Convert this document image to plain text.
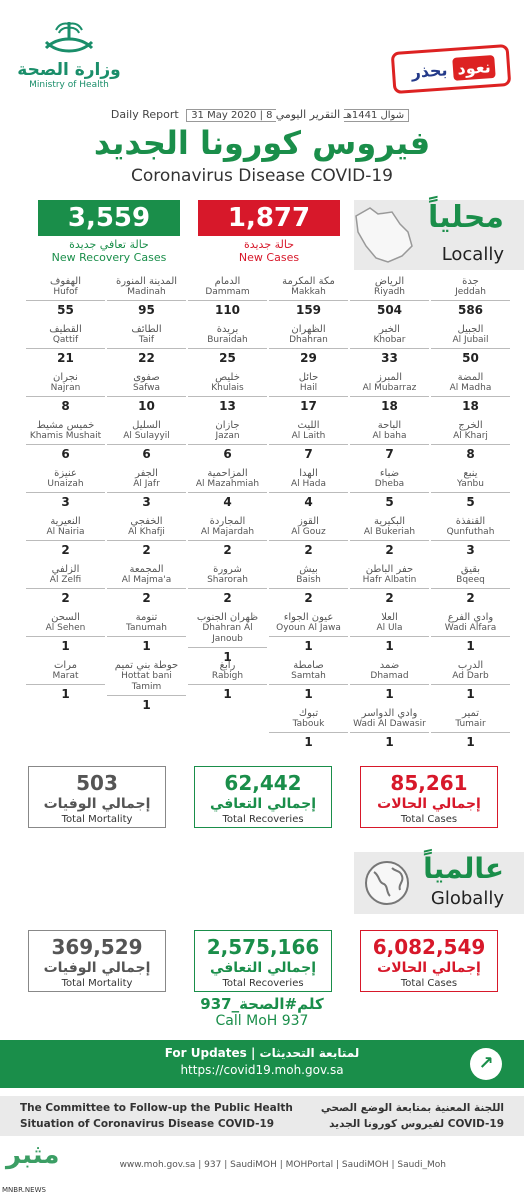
وزارة الصحة
Ministry of Health
بحذر نعود
Daily Report 31 May 2020 | 8 شوال 1441هـ التقرير اليومي
فيروس كورونا الجديد
Coronavirus Disease COVID-19
3,559
حالة تعافي جديدة
New Recovery Cases
1,877
حالة جديدة
New Cases
محلياً
Locally
جدة
Jeddah
586
الرياض
Riyadh
504
مكة المكرمة
Makkah
159
الدمام
Dammam
110
المدينة المنورة
Madinah
95
الهفوف
Hufof
55
الجبيل
Al Jubail
50
الخبر
Khobar
33
الظهران
Dhahran
29
بريدة
Buraidah
25
الطائف
Taif
22
القطيف
Qattif
21
المضة
Al Madha
18
المبرز
Al Mubarraz
18
حائل
Hail
17
خليص
Khulais
13
صفوى
Safwa
10
نجران
Najran
8
الخرج
Al Kharj
8
الباحة
Al baha
7
الليث
Al Laith
7
جازان
Jazan
6
السليل
Al Sulayyil
6
خميس مشيط
Khamis Mushait
6
ينبع
Yanbu
5
ضباء
Dheba
5
الهدا
Al Hada
4
المزاحمية
Al Mazahmiah
4
الجفر
Al Jafr
3
عنيزة
Unaizah
3
القنفذة
Qunfuthah
3
البكيرية
Al Bukeriah
2
القوز
Al Gouz
2
المجاردة
Al Majardah
2
الخفجي
Al Khafji
2
النعيرية
Al Nairia
2
بقيق
Bqeeq
2
حفر الباطن
Hafr Albatin
2
بيش
Baish
2
شرورة
Sharorah
2
المجمعة
Al Majma'a
2
الزلفي
Al Zelfi
2
وادي الفرع
Wadi Alfara
1
العلا
Al Ula
1
عيون الجواء
Oyoun Al Jawa
1
ظهران الجنوب
Dhahran Al Janoub
1
تنومة
Tanumah
1
السحن
Al Sehen
1
الدرب
Ad Darb
1
ضمد
Dhamad
1
صامطة
Samtah
1
رابغ
Rabigh
1
حوطة بني تميم
Hottat bani Tamim
1
مرات
Marat
1
تمير
Tumair
1
وادي الدواسر
Wadi Al Dawasir
1
تبوك
Tabouk
1
503
إجمالي الوفيات
Total Mortality
62,442
إجمالي التعافي
Total Recoveries
85,261
إجمالي الحالات
Total Cases
عالمياً
Globally
369,529
إجمالي الوفيات
Total Mortality
2,575,166
إجمالي التعافي
Total Recoveries
6,082,549
إجمالي الحالات
Total Cases
كلم#الصحة_937
Call MoH 937
For Updates | لمتابعة التحديثات
https://covid19.moh.gov.sa	↗
The Committee to Follow-up the Public Health
Situation of Coronavirus Disease COVID-19
اللجنة المعنية بمتابعة الوضع الصحي
لفيروس كورونا الجديد COVID-19
www.moh.gov.sa | 937 | SaudiMOH | MOHPortal | SaudiMOH | Saudi_Moh
مثبر
MNBR.NEWS
